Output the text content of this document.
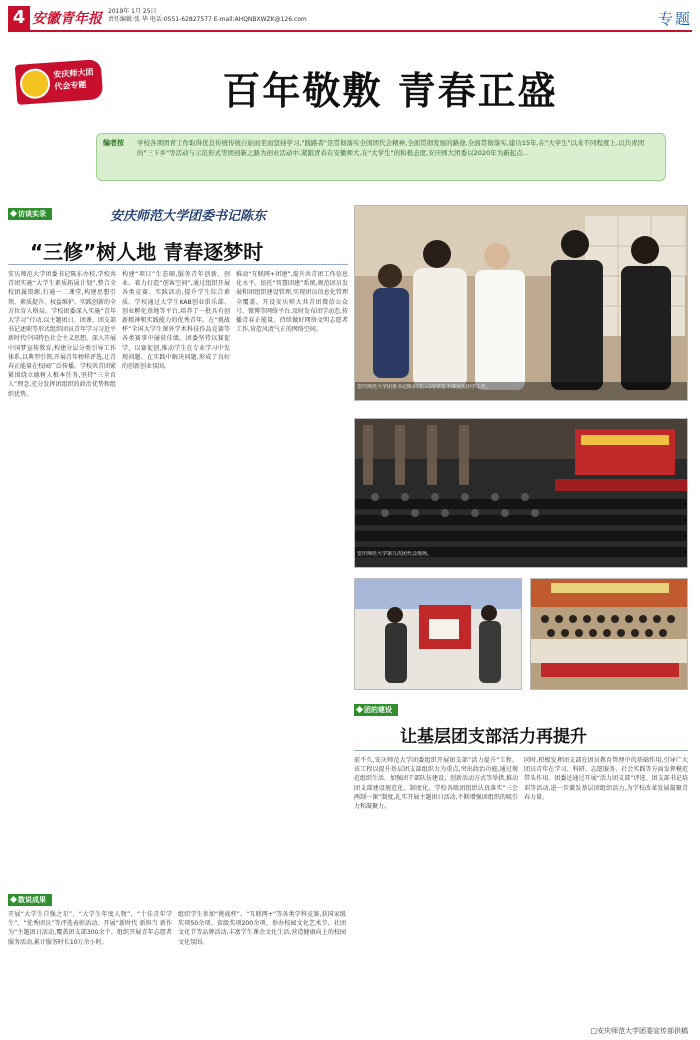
4 安徽青年报	2019年 1月 25日
责任编辑:张 华 电话:0551-62827577 E-mail:AHQNBXWZK@126.com	专题
安庆师大团代会专题	百年敬敷 青春正盛
编者按 学校各项团青工作取得优良传统传统自始而至而坚持学习,"践路者"是贯彻落实全国团代会精神,全面贯彻发展的路途,全面贯彻落实,建功15年,在"大学生"以来不同程度上,以共青团的"三下乡"等活动与示范形式等团创新之路为创业活动中,紧跟青春在安徽师大,在"大学生"的积极态度,安庆师大团委以2020年为新起点...
访谈实录	安庆师范大学团委书记陈东
“三修”树人地 青春逐梦时
安庆师范大学团委书记陈东办校,学校共青团实施“大学生素质拓展计划”,整合全校团属资源,打通一二课堂,构建思想引领、素质提升、权益维护、实践创新的全方位育人格局。学校团委深入实施“青年大学习”行动,以主题团日、团课、团支部书记述职等形式组织团员青年学习习近平新时代中国特色社会主义思想。深入开展中国梦宣传教育,构建分层分类引导工作体系,以典型引领,开展青年榜样评选,让青春正能量在校园广泛传播。学校共青团紧紧围绕立德树人根本任务,坚持“三全育人”理念,充分发挥团组织的政治优势和组织优势。
构建“项目”生态圈,服务青年创新、创业。着力打造“创客空间”,通过组织开展各类竞赛、实践活动,提升学生综合素质。学校通过大学生KAB创业俱乐部、创业孵化基地等平台,培养了一批具有创新精神和实践能力的优秀青年。在“挑战杯”全国大学生课外学术科技作品竞赛等各类赛事中屡获佳绩。团委坚持以赛促学、以赛促创,推动学生在专业学习中发现问题、在实践中解决问题,形成了良好的创新创业氛围。
推动“互联网+团建”,提升共青团工作信息化水平。依托“智慧团建”系统,规范团员发展和团组织建设管理,实现团员信息化管理全覆盖。开设安庆师大共青团微信公众号、微博等网络平台,及时发布团学动态,传播青春正能量。持续做好网络文明志愿者工作,营造风清气正的网络空间。
安庆师范大学团委书记陈东(左三)与学生干部交流团学工作。
安庆师范大学第九次团代会现场。
团的建设
让基层团支部活力再提升
前不久,安庆师范大学团委组织开展团支部“活力提升”工程。该工程以提升基层团支部组织力为重点,突出政治功能,通过规范组织生活、加强团干部队伍建设、创新活动方式等举措,推动团支部建设规范化、制度化。学校各级团组织认真落实“三会两制一课”制度,扎实开展主题团日活动,不断增强团组织的吸引力和凝聚力。
同时,积极发挥团支部在团员教育管理中的基础作用,引导广大团员青年在学习、科研、志愿服务、社会实践等方面发挥模范带头作用。团委还通过开展“活力团支部”评选、团支部书记培训等活动,进一步激发基层团组织活力,为学校改革发展凝聚青春力量。
数说成果
开展“大学生自强之星”、“大学生年度人物”、“十佳青年学生”、“优秀团员”等评选表彰活动。开展“新时代 新担当 新作为”主题团日活动,覆盖团支部300余个。组织开展青年志愿者服务活动,累计服务时长10万余小时。
组织学生参加“挑战杯”、“互联网+”等各类学科竞赛,获国家级奖项50余项、省级奖项200余项。举办校园文化艺术节、社团文化节等品牌活动,丰富学生课余文化生活,营造健康向上的校园文化氛围。
□安庆师范大学团委宣传部供稿
